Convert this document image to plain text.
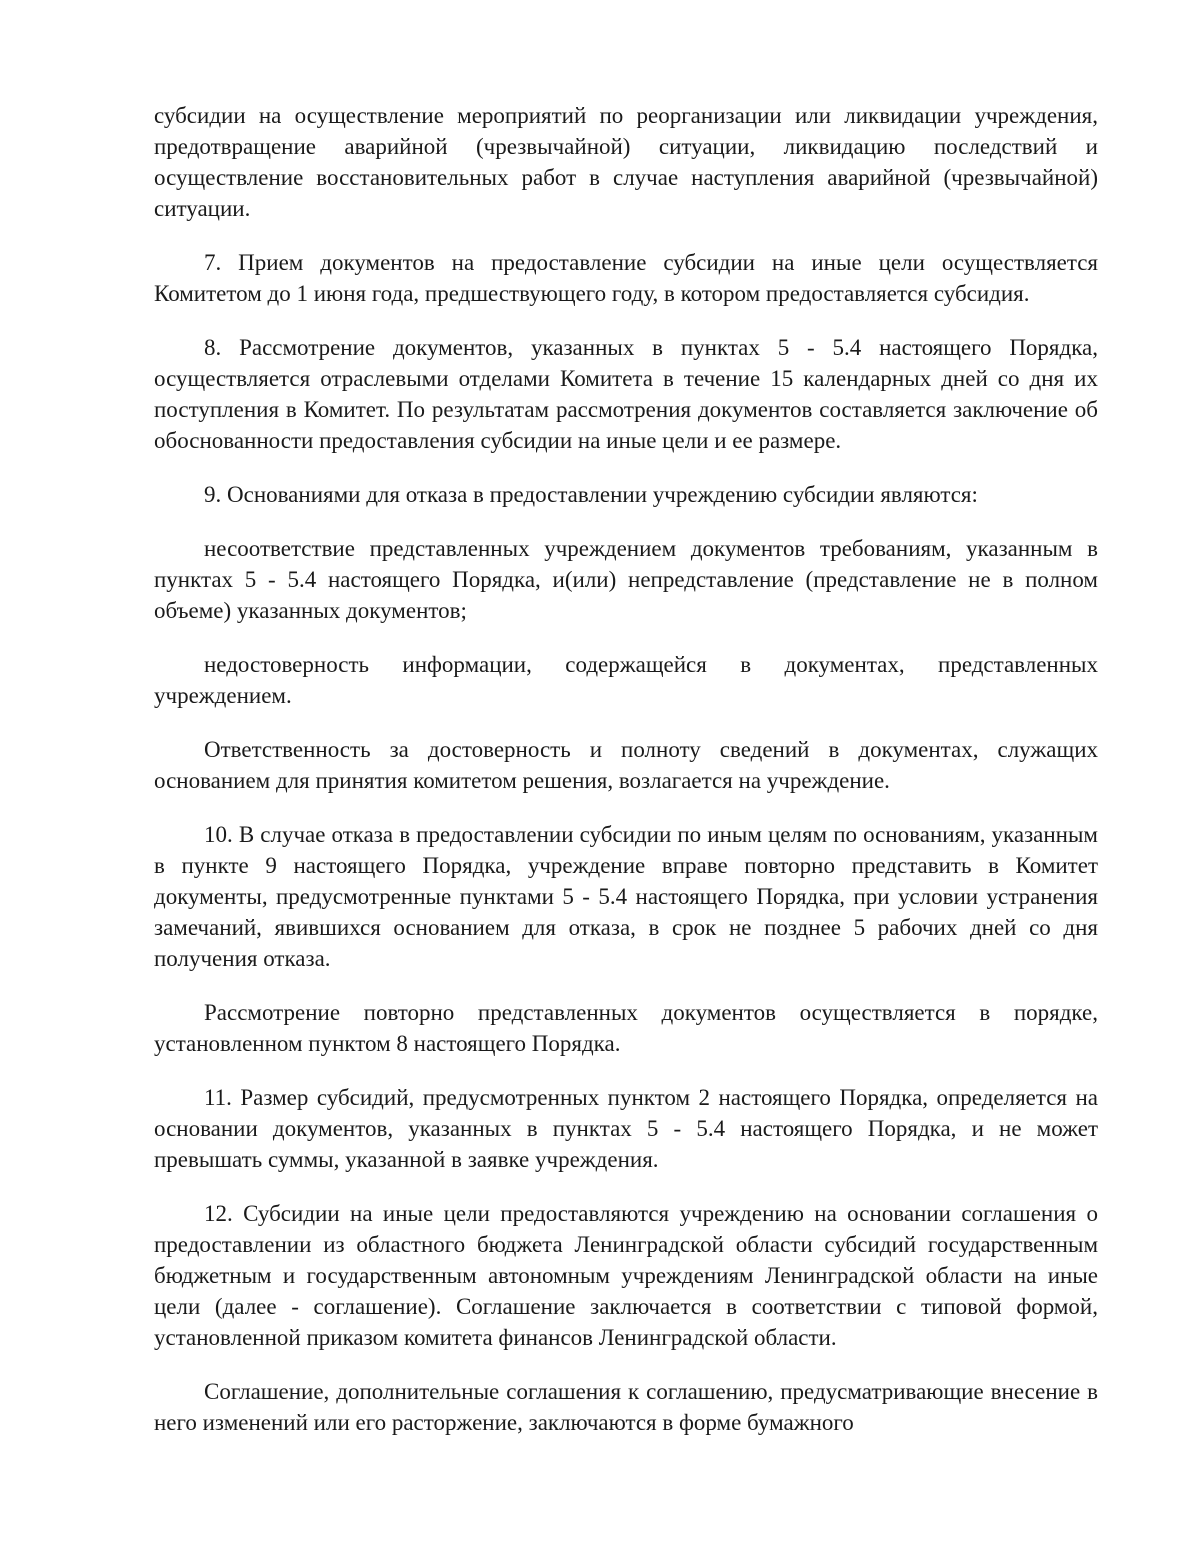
субсидии на осуществление мероприятий по реорганизации или ликвидации учреждения, предотвращение аварийной (чрезвычайной) ситуации, ликвидацию последствий и осуществление восстановительных работ в случае наступления аварийной (чрезвычайной) ситуации.

7. Прием документов на предоставление субсидии на иные цели осуществляется Комитетом до 1 июня года, предшествующего году, в котором предоставляется субсидия.

8. Рассмотрение документов, указанных в пунктах 5 - 5.4 настоящего Порядка, осуществляется отраслевыми отделами Комитета в течение 15 календарных дней со дня их поступления в Комитет. По результатам рассмотрения документов составляется заключение об обоснованности предоставления субсидии на иные цели и ее размере.

9. Основаниями для отказа в предоставлении учреждению субсидии являются:

несоответствие представленных учреждением документов требованиям, указанным в пунктах 5 - 5.4 настоящего Порядка, и(или) непредставление (представление не в полном объеме) указанных документов;

недостоверность информации, содержащейся в документах, представленных учреждением.

Ответственность за достоверность и полноту сведений в документах, служащих основанием для принятия комитетом решения, возлагается на учреждение.

10. В случае отказа в предоставлении субсидии по иным целям по основаниям, указанным в пункте 9 настоящего Порядка, учреждение вправе повторно представить в Комитет документы, предусмотренные пунктами 5 - 5.4 настоящего Порядка, при условии устранения замечаний, явившихся основанием для отказа, в срок не позднее 5 рабочих дней со дня получения отказа.

Рассмотрение повторно представленных документов осуществляется в порядке, установленном пунктом 8 настоящего Порядка.

11. Размер субсидий, предусмотренных пунктом 2 настоящего Порядка, определяется на основании документов, указанных в пунктах 5 - 5.4 настоящего Порядка, и не может превышать суммы, указанной в заявке учреждения.

12. Субсидии на иные цели предоставляются учреждению на основании соглашения о предоставлении из областного бюджета Ленинградской области субсидий государственным бюджетным и государственным автономным учреждениям Ленинградской области на иные цели (далее - соглашение). Соглашение заключается в соответствии с типовой формой, установленной приказом комитета финансов Ленинградской области.

Соглашение, дополнительные соглашения к соглашению, предусматривающие внесение в него изменений или его расторжение, заключаются в форме бумажного
